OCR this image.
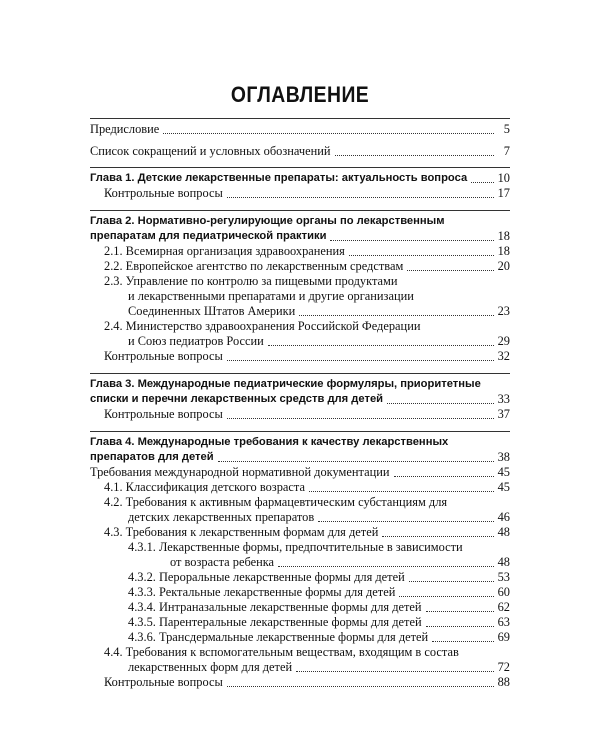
ОГЛАВЛЕНИЕ
Предисловие	5
Список сокращений и условных обозначений	7
Глава 1. Детские лекарственные препараты: актуальность вопроса 10
Контрольные вопросы	17
Глава 2. Нормативно-регулирующие органы по лекарственным
препаратам для педиатрической практики	18
2.1. Всемирная организация здравоохранения	18
2.2. Европейское агентство по лекарственным средствам	20
2.3. Управление по контролю за пищевыми продуктами
и лекарственными препаратами и другие организации
Соединенных Штатов Америки	23
2.4. Министерство здравоохранения Российской Федерации
и Союз педиатров России	29
Контрольные вопросы	32
Глава 3. Международные педиатрические формуляры, приоритетные
списки и перечни лекарственных средств для детей	33
Контрольные вопросы	37
Глава 4. Международные требования к качеству лекарственных
препаратов для детей	38
Требования международной нормативной документации	45
4.1. Классификация детского возраста	45
4.2. Требования к активным фармацевтическим субстанциям для
детских лекарственных препаратов	46
4.3. Требования к лекарственным формам для детей	48
4.3.1. Лекарственные формы, предпочтительные в зависимости
от возраста ребенка	48
4.3.2. Пероральные лекарственные формы для детей	53
4.3.3. Ректальные лекарственные формы для детей	60
4.3.4. Интраназальные лекарственные формы для детей	62
4.3.5. Парентеральные лекарственные формы для детей	63
4.3.6. Трансдермальные лекарственные формы для детей	69
4.4. Требования к вспомогательным веществам, входящим в состав
лекарственных форм для детей	72
Контрольные вопросы	88
